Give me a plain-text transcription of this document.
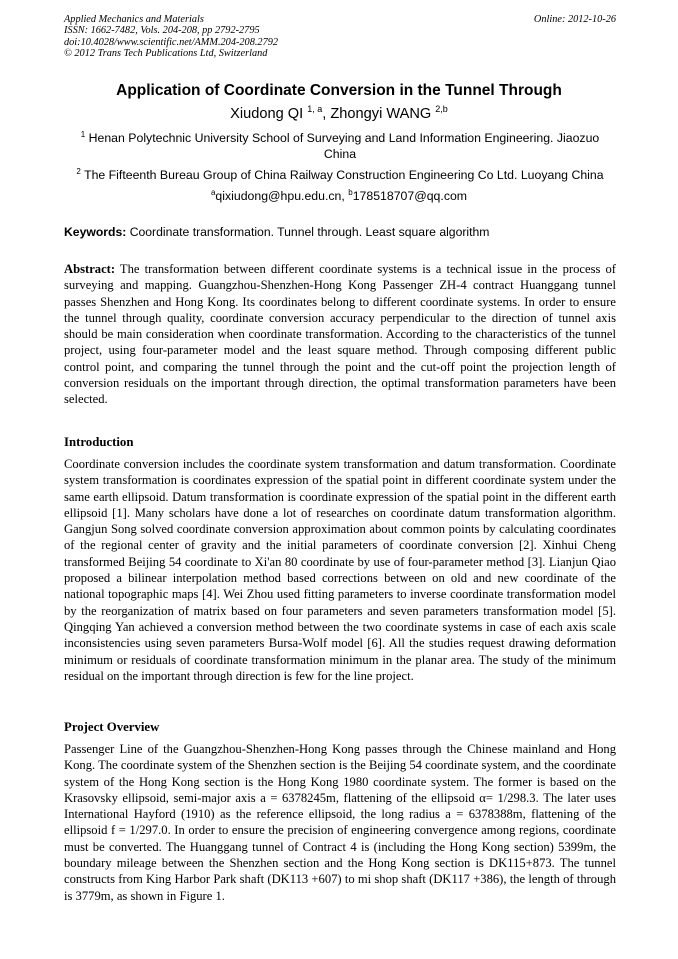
Applied Mechanics and Materials
ISSN: 1662-7482, Vols. 204-208, pp 2792-2795
doi:10.4028/www.scientific.net/AMM.204-208.2792
© 2012 Trans Tech Publications Ltd, Switzerland
Online: 2012-10-26
Application of Coordinate Conversion in the Tunnel Through
Xiudong QI $^{1, a}$, Zhongyi WANG $^{2,b}$
$^1$ Henan Polytechnic University School of Surveying and Land Information Engineering. Jiaozuo China
$^2$ The Fifteenth Bureau Group of China Railway Construction Engineering Co Ltd. Luoyang China
$^a$qixiudong@hpu.edu.cn, $^b$178518707@qq.com
Keywords: Coordinate transformation. Tunnel through. Least square algorithm
Abstract: The transformation between different coordinate systems is a technical issue in the process of surveying and mapping. Guangzhou-Shenzhen-Hong Kong Passenger ZH-4 contract Huanggang tunnel passes Shenzhen and Hong Kong. Its coordinates belong to different coordinate systems. In order to ensure the tunnel through quality, coordinate conversion accuracy perpendicular to the direction of tunnel axis should be main consideration when coordinate transformation. According to the characteristics of the tunnel project, using four-parameter model and the least square method. Through composing different public control point, and comparing the tunnel through the point and the cut-off point the projection length of conversion residuals on the important through direction, the optimal transformation parameters have been selected.
Introduction
Coordinate conversion includes the coordinate system transformation and datum transformation. Coordinate system transformation is coordinates expression of the spatial point in different coordinate system under the same earth ellipsoid. Datum transformation is coordinate expression of the spatial point in the different earth ellipsoid [1]. Many scholars have done a lot of researches on coordinate datum transformation algorithm. Gangjun Song solved coordinate conversion approximation about common points by calculating coordinates of the regional center of gravity and the initial parameters of coordinate conversion [2]. Xinhui Cheng transformed Beijing 54 coordinate to Xi'an 80 coordinate by use of four-parameter method [3]. Lianjun Qiao proposed a bilinear interpolation method based corrections between on old and new coordinate of the national topographic maps [4]. Wei Zhou used fitting parameters to inverse coordinate transformation model by the reorganization of matrix based on four parameters and seven parameters transformation model [5]. Qingqing Yan achieved a conversion method between the two coordinate systems in case of each axis scale inconsistencies using seven parameters Bursa-Wolf model [6]. All the studies request drawing deformation minimum or residuals of coordinate transformation minimum in the planar area. The study of the minimum residual on the important through direction is few for the line project.
Project Overview
Passenger Line of the Guangzhou-Shenzhen-Hong Kong passes through the Chinese mainland and Hong Kong. The coordinate system of the Shenzhen section is the Beijing 54 coordinate system, and the coordinate system of the Hong Kong section is the Hong Kong 1980 coordinate system. The former is based on the Krasovsky ellipsoid, semi-major axis a = 6378245m, flattening of the ellipsoid α= 1/298.3. The later uses International Hayford (1910) as the reference ellipsoid, the long radius a = 6378388m, flattening of the ellipsoid f = 1/297.0. In order to ensure the precision of engineering convergence among regions, coordinate must be converted. The Huanggang tunnel of Contract 4 is (including the Hong Kong section) 5399m, the boundary mileage between the Shenzhen section and the Hong Kong section is DK115+873. The tunnel constructs from King Harbor Park shaft (DK113 +607) to mi shop shaft (DK117 +386), the length of through is 3779m, as shown in Figure 1.
